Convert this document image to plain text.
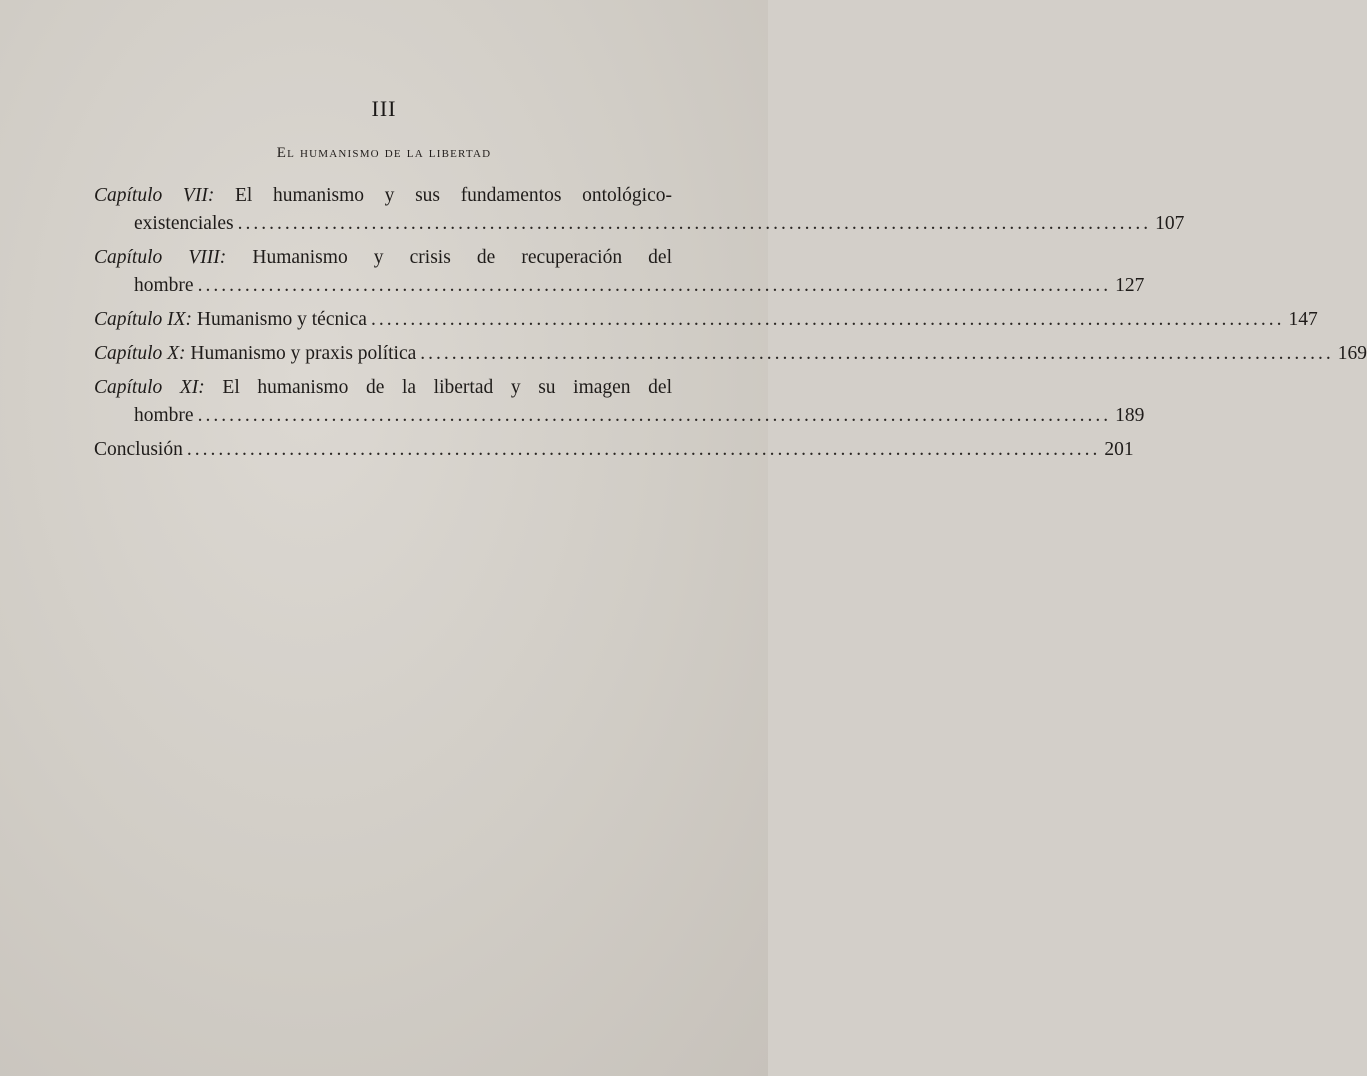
III
El humanismo de la libertad
Capítulo VII: El humanismo y sus fundamentos ontológico-
existenciales .................................................................................................................... 107
Capítulo VIII: Humanismo y crisis de recuperación del
hombre .................................................................................................................... 127
Capítulo IX: Humanismo y técnica .................................................................................................................... 147
Capítulo X: Humanismo y praxis política .................................................................................................................... 169
Capítulo XI: El humanismo de la libertad y su imagen del
hombre .................................................................................................................... 189
Conclusión .................................................................................................................... 201
